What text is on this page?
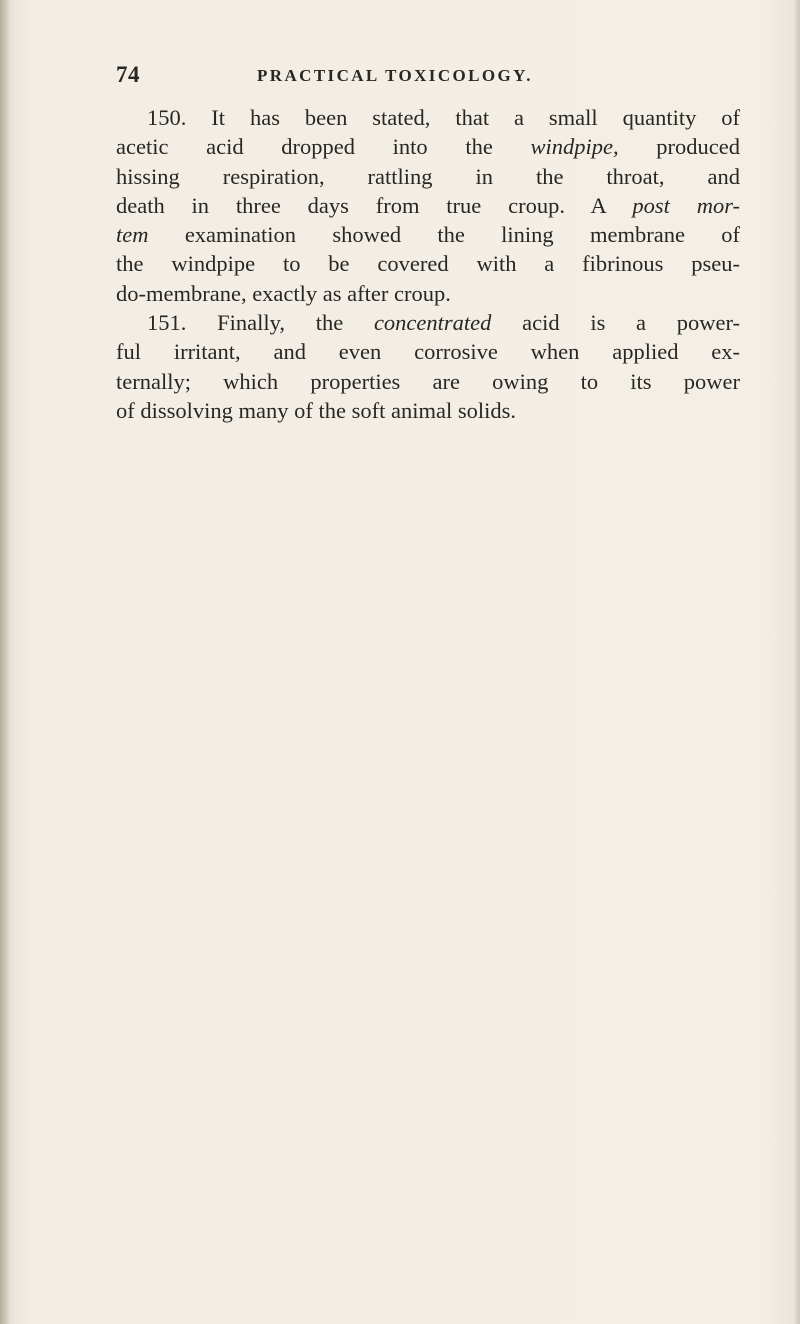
74	PRACTICAL TOXICOLOGY.
150. It has been stated, that a small quantity of
acetic acid dropped into the windpipe, produced
hissing respiration, rattling in the throat, and
death in three days from true croup. A post mor-
tem examination showed the lining membrane of
the windpipe to be covered with a fibrinous pseu-
do-membrane, exactly as after croup.
151. Finally, the concentrated acid is a power-
ful irritant, and even corrosive when applied ex-
ternally; which properties are owing to its power
of dissolving many of the soft animal solids.
